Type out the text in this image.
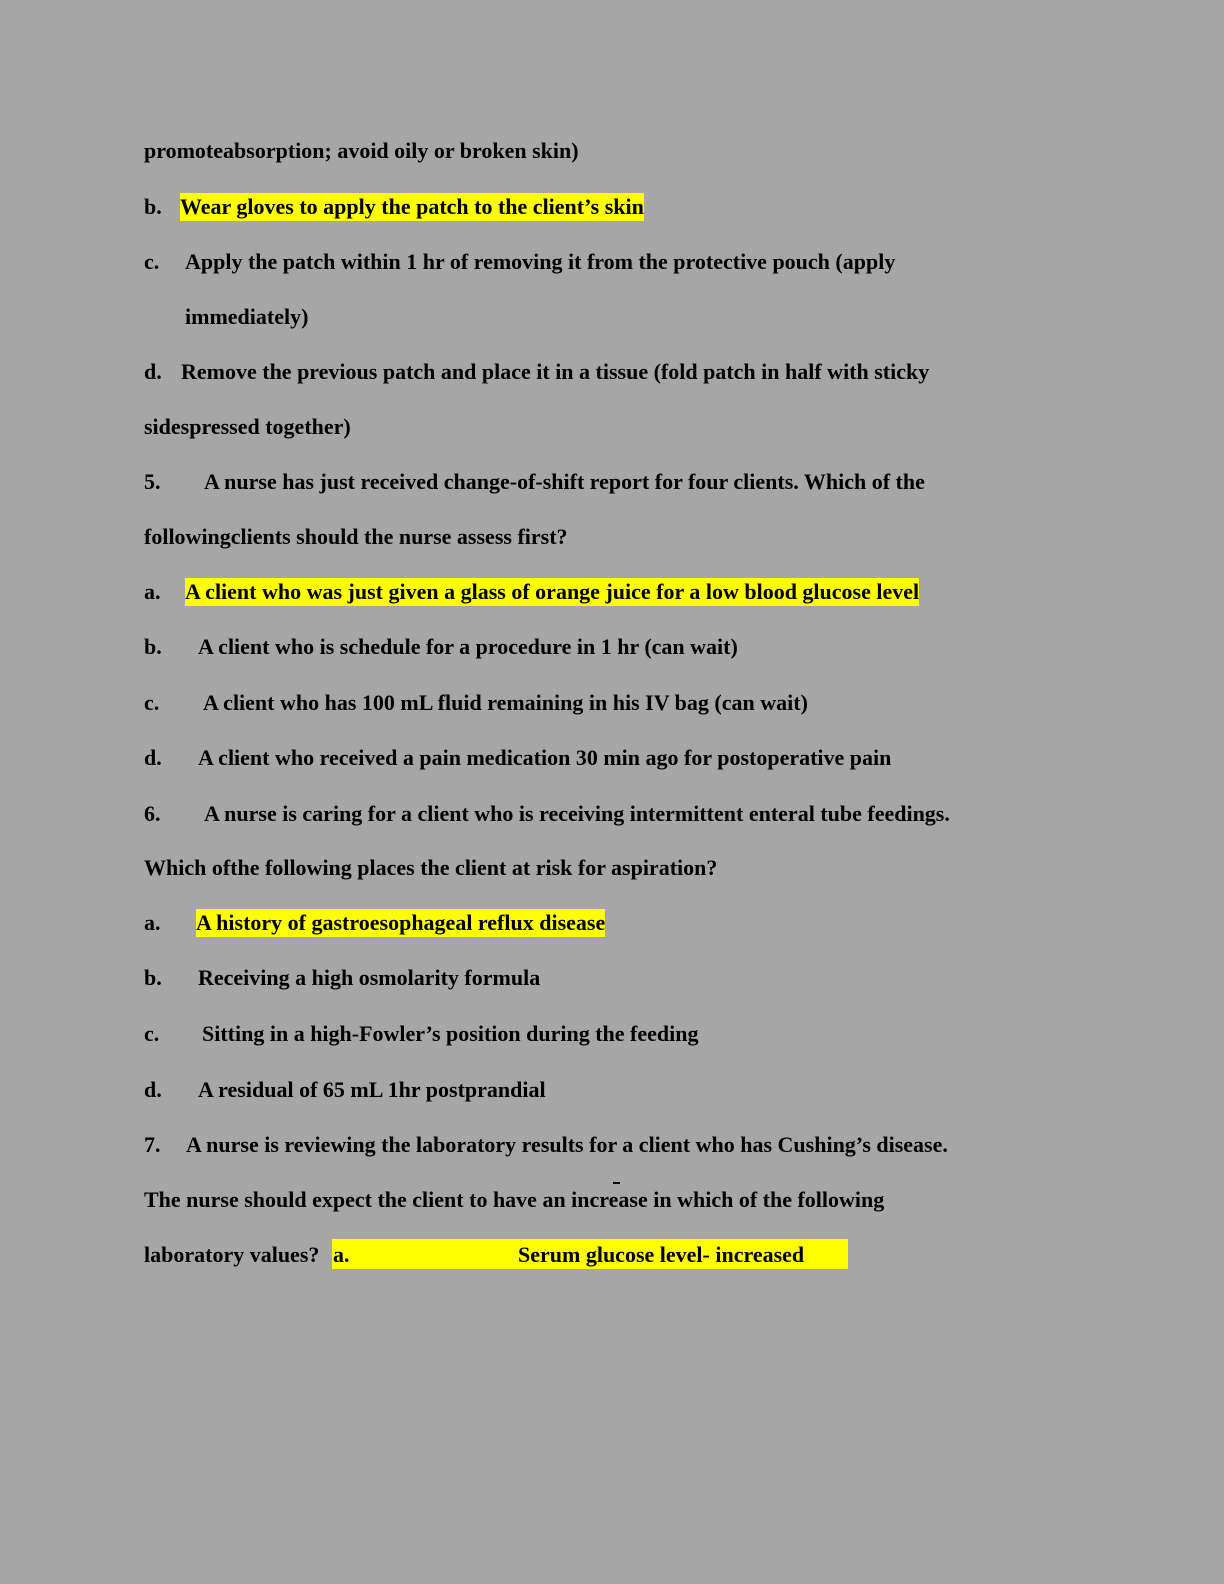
promoteabsorption; avoid oily or broken skin)
b. Wear gloves to apply the patch to the client’s skin
c. Apply the patch within 1 hr of removing it from the protective pouch (apply
immediately)
d. Remove the previous patch and place it in a tissue (fold patch in half with sticky
sidespressed together)
5. A nurse has just received change-of-shift report for four clients. Which of the
followingclients should the nurse assess first?
a. A client who was just given a glass of orange juice for a low blood glucose level
b. A client who is schedule for a procedure in 1 hr (can wait)
c. A client who has 100 mL fluid remaining in his IV bag (can wait)
d. A client who received a pain medication 30 min ago for postoperative pain
6. A nurse is caring for a client who is receiving intermittent enteral tube feedings.
Which ofthe following places the client at risk for aspiration?
a. A history of gastroesophageal reflux disease
b. Receiving a high osmolarity formula
c. Sitting in a high-Fowler’s position during the feeding
d. A residual of 65 mL 1hr postprandial
7. A nurse is reviewing the laboratory results for a client who has Cushing’s disease.
The nurse should expect the client to have an increase in which of the following
laboratory values? a.	Serum glucose level- increased
